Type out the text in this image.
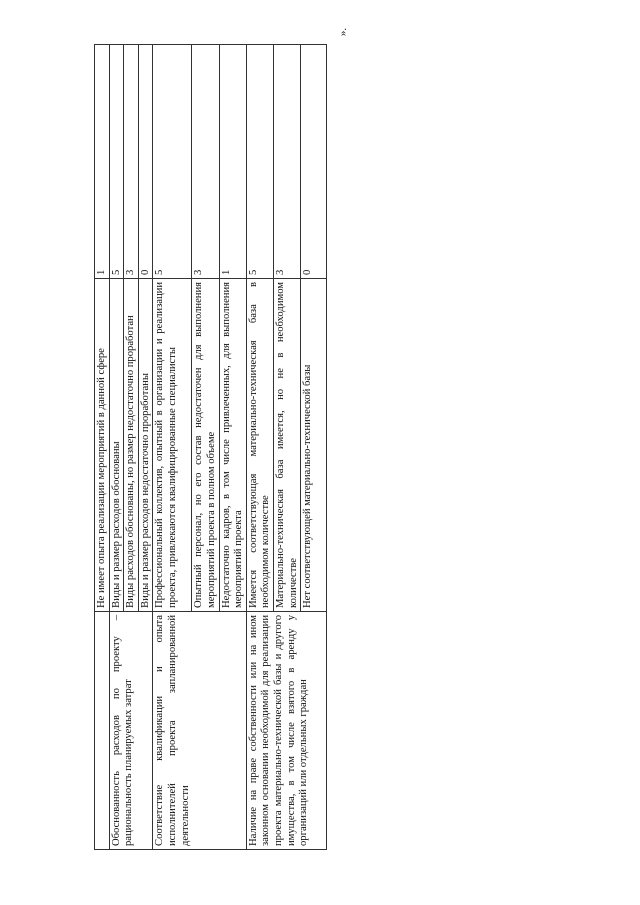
	Не имеет опыта реализации мероприятий в данной сфере	1
Обоснованность расходов по проекту – рациональность планируемых затрат	Виды и размер расходов обоснованы	5
	Виды расходов обоснованы, но размер недостаточно проработан	3
	Виды и размер расходов недостаточно проработаны	0
Соответствие квалификации и опыта исполнителей проекта запланированной деятельности	Профессиональный коллектив, опытный в организации и реализации проекта, привлекаются квалифицированные специалисты	5
	Опытный персонал, но его состав недостаточен для выполнения мероприятий проекта в полном объеме	3
	Недостаточно кадров, в том числе привлеченных, для выполнения мероприятий проекта	1
Наличие на праве собственности или на ином законном основании необходимой для реализации проекта материально-технической базы и другого имущества, в том числе взятого в аренду у организаций или отдельных граждан	Имеется соответствующая материально-техническая база в необходимом количестве	5
	Материально-техническая база имеется, но не в необходимом количестве	3
	Нет соответствующей материально-технической базы	0
».
